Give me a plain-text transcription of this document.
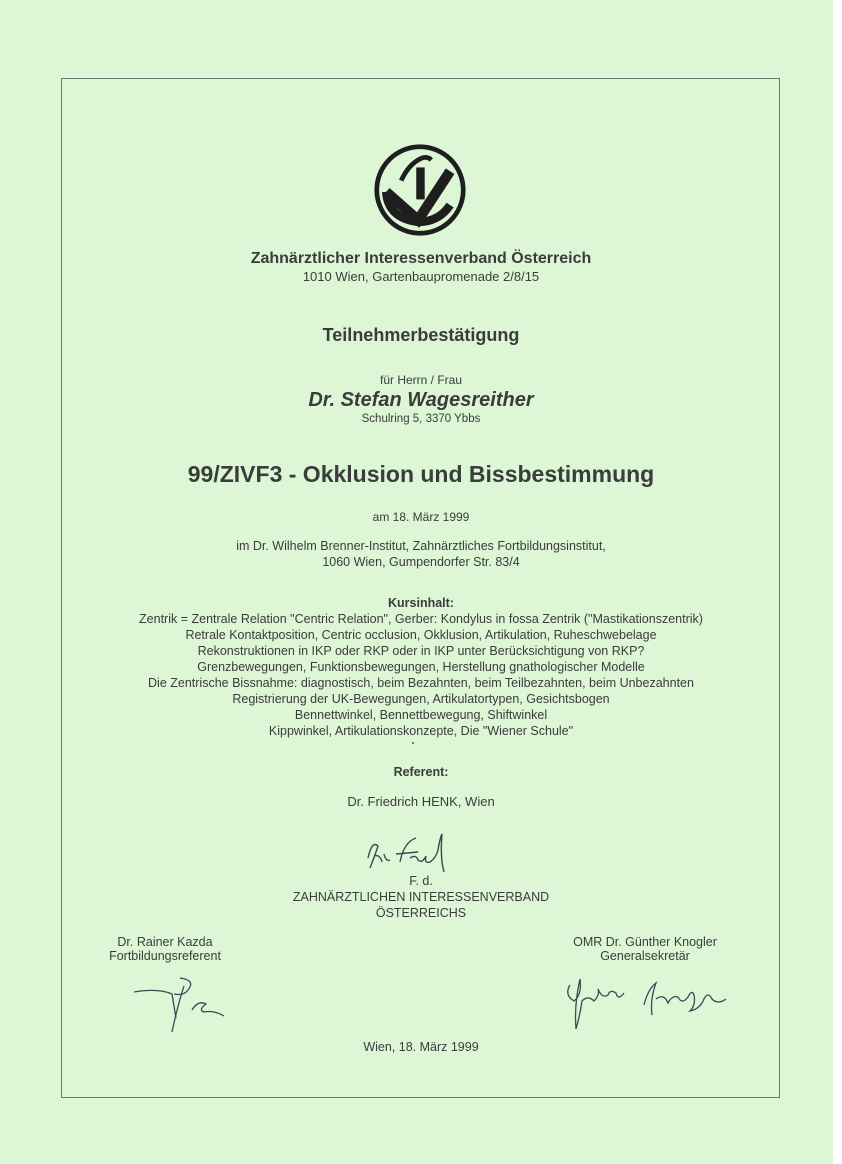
Zahnärztlicher Interessenverband Österreich
1010 Wien, Gartenbaupromenade 2/8/15
Teilnehmerbestätigung
für Herrn / Frau
Dr. Stefan Wagesreither
Schulring 5, 3370 Ybbs
99/ZIVF3 - Okklusion und Bissbestimmung
am 18. März 1999
im Dr. Wilhelm Brenner-Institut, Zahnärztliches Fortbildungsinstitut,
1060 Wien, Gumpendorfer Str. 83/4
Kursinhalt:
Zentrik = Zentrale Relation "Centric Relation", Gerber: Kondylus in fossa Zentrik ("Mastikationszentrik)
Retrale Kontaktposition, Centric occlusion, Okklusion, Artikulation, Ruheschwebelage
Rekonstruktionen in IKP oder RKP oder in IKP unter Berücksichtigung von RKP?
Grenzbewegungen, Funktionsbewegungen, Herstellung gnathologischer Modelle
Die Zentrische Bissnahme: diagnostisch, beim Bezahnten, beim Teilbezahnten, beim Unbezahnten
Registrierung der UK-Bewegungen, Artikulatortypen, Gesichtsbogen
Bennettwinkel, Bennettbewegung, Shiftwinkel
Kippwinkel, Artikulationskonzepte, Die "Wiener Schule"
Referent:
Dr. Friedrich HENK, Wien
F. d.
ZAHNÄRZTLICHEN INTERESSENVERBAND
ÖSTERREICHS
Dr. Rainer Kazda
Fortbildungsreferent
OMR Dr. Günther Knogler
Generalsekretär
Wien, 18. März 1999
